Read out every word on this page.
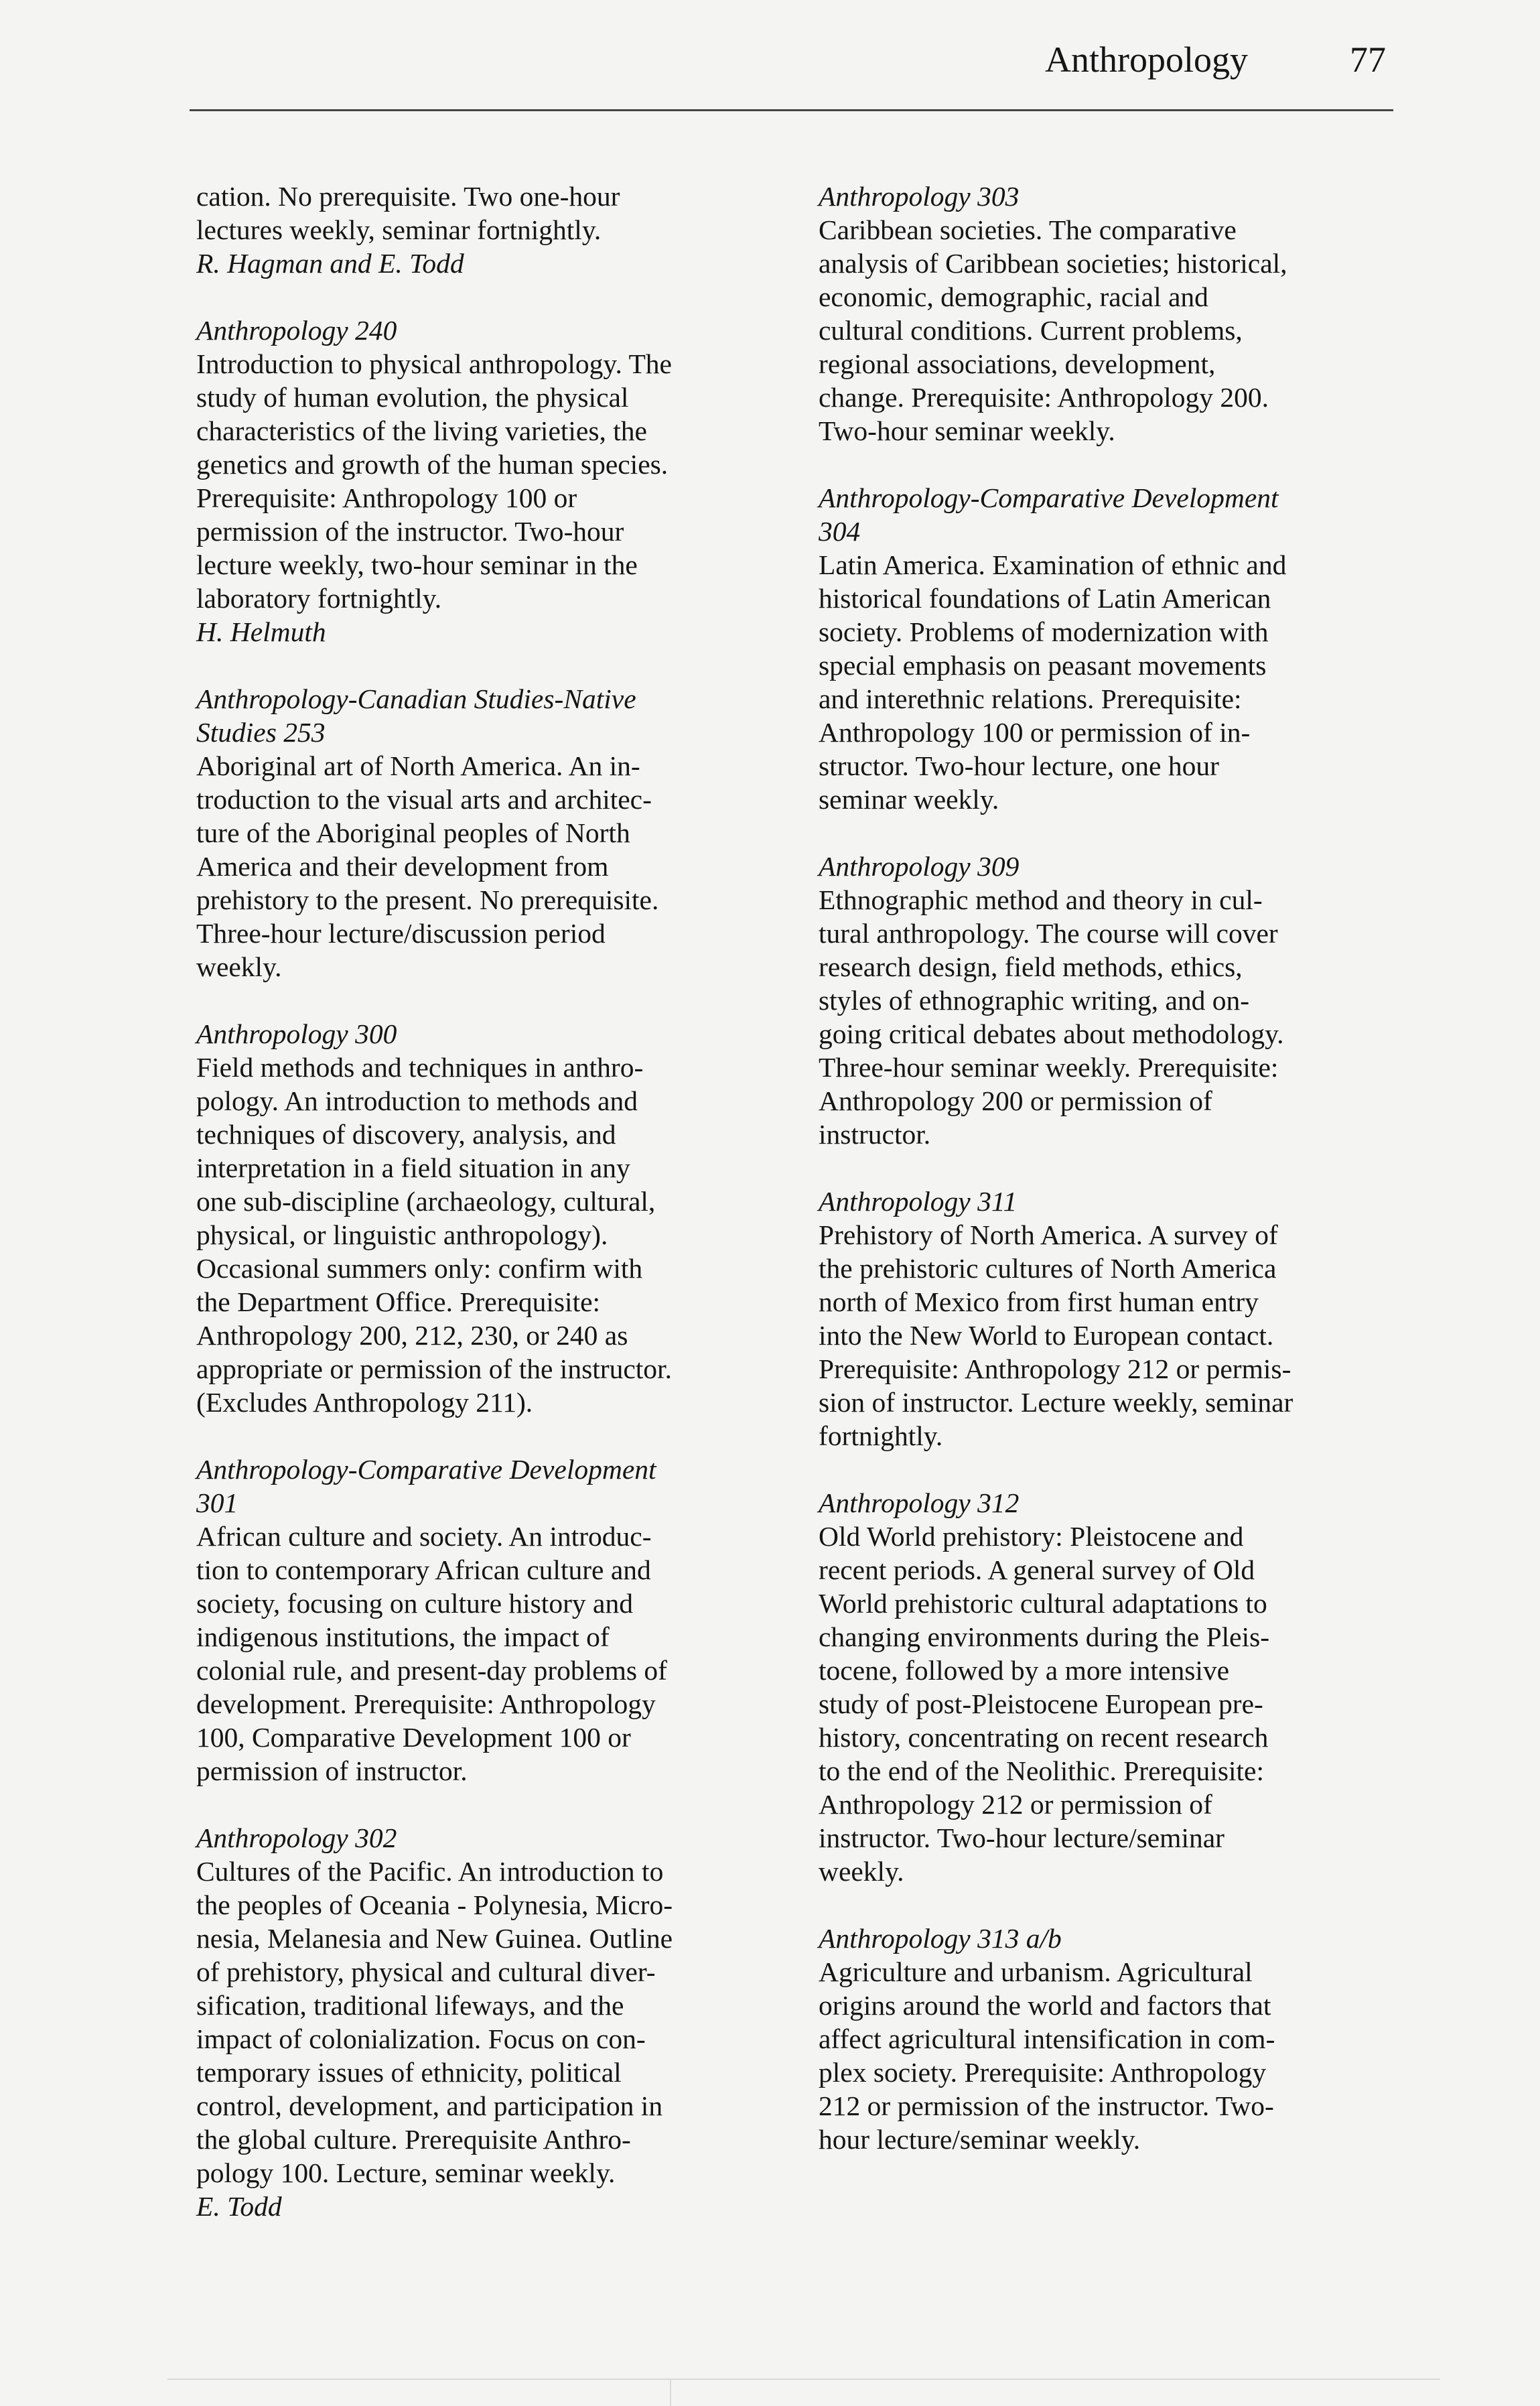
Anthropology	77
cation. No prerequisite. Two one-hour
lectures weekly, seminar fortnightly.
R. Hagman and E. Todd
Anthropology 240
Introduction to physical anthropology. The
study of human evolution, the physical
characteristics of the living varieties, the
genetics and growth of the human species.
Prerequisite: Anthropology 100 or
permission of the instructor. Two-hour
lecture weekly, two-hour seminar in the
laboratory fortnightly.
H. Helmuth
Anthropology-Canadian Studies-Native
Studies 253
Aboriginal art of North America. An in-
troduction to the visual arts and architec-
ture of the Aboriginal peoples of North
America and their development from
prehistory to the present. No prerequisite.
Three-hour lecture/discussion period
weekly.
Anthropology 300
Field methods and techniques in anthro-
pology. An introduction to methods and
techniques of discovery, analysis, and
interpretation in a field situation in any
one sub-discipline (archaeology, cultural,
physical, or linguistic anthropology).
Occasional summers only: confirm with
the Department Office. Prerequisite:
Anthropology 200, 212, 230, or 240 as
appropriate or permission of the instructor.
(Excludes Anthropology 211).
Anthropology-Comparative Development
301
African culture and society. An introduc-
tion to contemporary African culture and
society, focusing on culture history and
indigenous institutions, the impact of
colonial rule, and present-day problems of
development. Prerequisite: Anthropology
100, Comparative Development 100 or
permission of instructor.
Anthropology 302
Cultures of the Pacific. An introduction to
the peoples of Oceania - Polynesia, Micro-
nesia, Melanesia and New Guinea. Outline
of prehistory, physical and cultural diver-
sification, traditional lifeways, and the
impact of colonialization. Focus on con-
temporary issues of ethnicity, political
control, development, and participation in
the global culture. Prerequisite Anthro-
pology 100. Lecture, seminar weekly.
E. Todd
Anthropology 303
Caribbean societies. The comparative
analysis of Caribbean societies; historical,
economic, demographic, racial and
cultural conditions. Current problems,
regional associations, development,
change. Prerequisite: Anthropology 200.
Two-hour seminar weekly.
Anthropology-Comparative Development
304
Latin America. Examination of ethnic and
historical foundations of Latin American
society. Problems of modernization with
special emphasis on peasant movements
and interethnic relations. Prerequisite:
Anthropology 100 or permission of in-
structor. Two-hour lecture, one hour
seminar weekly.
Anthropology 309
Ethnographic method and theory in cul-
tural anthropology. The course will cover
research design, field methods, ethics,
styles of ethnographic writing, and on-
going critical debates about methodology.
Three-hour seminar weekly. Prerequisite:
Anthropology 200 or permission of
instructor.
Anthropology 311
Prehistory of North America. A survey of
the prehistoric cultures of North America
north of Mexico from first human entry
into the New World to European contact.
Prerequisite: Anthropology 212 or permis-
sion of instructor. Lecture weekly, seminar
fortnightly.
Anthropology 312
Old World prehistory: Pleistocene and
recent periods. A general survey of Old
World prehistoric cultural adaptations to
changing environments during the Pleis-
tocene, followed by a more intensive
study of post-Pleistocene European pre-
history, concentrating on recent research
to the end of the Neolithic. Prerequisite:
Anthropology 212 or permission of
instructor. Two-hour lecture/seminar
weekly.
Anthropology 313 a/b
Agriculture and urbanism. Agricultural
origins around the world and factors that
affect agricultural intensification in com-
plex society. Prerequisite: Anthropology
212 or permission of the instructor. Two-
hour lecture/seminar weekly.
